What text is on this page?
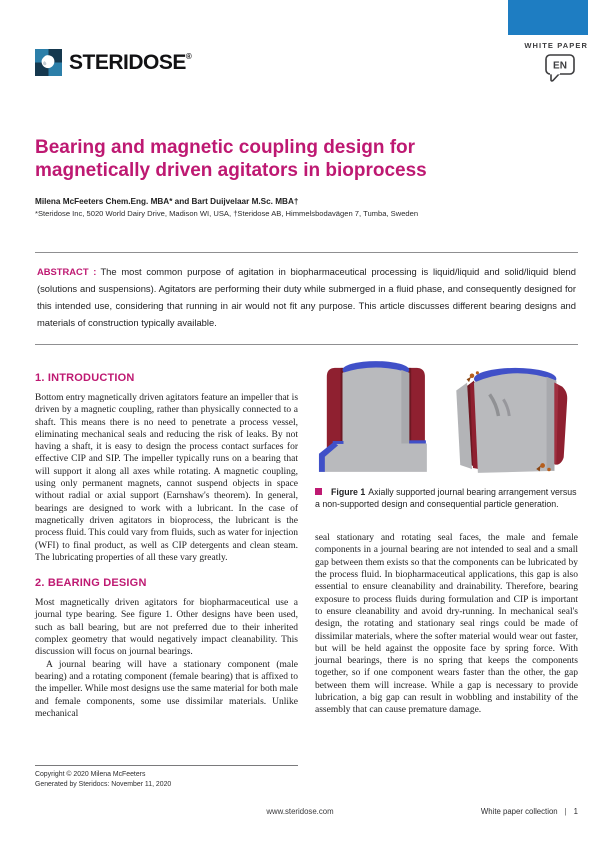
STERIDOSE®
WHITE PAPER
EN
Bearing and magnetic coupling design for magnetically driven agitators in bioprocess
Milena McFeeters Chem.Eng. MBA* and Bart Duijvelaar M.Sc. MBA†
*Steridose Inc, 5020 World Dairy Drive, Madison WI, USA, †Steridose AB, Himmelsbodavägen 7, Tumba, Sweden
ABSTRACT : The most common purpose of agitation in biopharmaceutical processing is liquid/liquid and solid/liquid blend (solutions and suspensions). Agitators are performing their duty while submerged in a fluid phase, and consequently designed for this intended use, considering that running in air would not fit any purpose. This article discusses different bearing designs and materials of construction typically available.
1. INTRODUCTION

Bottom entry magnetically driven agitators feature an impeller that is driven by a magnetic coupling, rather than physically connected to a shaft. This means there is no need to penetrate a process vessel, eliminating mechanical seals and reducing the risk of leaks. By not having a shaft, it is easy to design the process contact surfaces for effective CIP and SIP. The impeller typically runs on a bearing that will support it along all axes while rotating. A magnetic coupling, using only permanent magnets, cannot suspend objects in space without radial or axial support (Earnshaw's theorem). In general, bearings are designed to work with a lubricant. In the case of magnetically driven agitators in bioprocess, the lubricant is the process fluid. This could vary from fluids, such as water for injection (WFI) to final product, as well as CIP detergents and clean steam. The lubricating properties of all these vary greatly.

2. BEARING DESIGN

Most magnetically driven agitators for biopharmaceutical use a journal type bearing. See figure 1. Other designs have been used, such as ball bearing, but are not preferred due to their inherited complex geometry that would negatively impact cleanability. This discussion will focus on journal bearings.

A journal bearing will have a stationary component (male bearing) and a rotating component (female bearing) that is affixed to the impeller. While most designs use the same material for both male and female components, some use dissimilar materials. Unlike mechanical

Figure 1 Axially supported journal bearing arrangement versus a non-supported design and consequential particle generation.

seal stationary and rotating seal faces, the male and female components in a journal bearing are not intended to seal and a small gap between them exists so that the components can be lubricated by the process fluid. In biopharmaceutical applications, this gap is also essential to ensure cleanability and drainability. Therefore, bearing exposure to process fluids during formulation and CIP is important to ensure cleanability and avoid dry-running. In mechanical seal's design, the rotating and stationary seal rings could be made of dissimilar materials, where the softer material would wear out faster, but will be held against the opposite face by spring force. With journal bearings, there is no spring that keeps the components together, so if one component wears faster than the other, the gap between them will increase. While a gap is necessary to provide lubrication, a big gap can result in wobbling and instability of the assembly that can cause premature damage.

Copyright © 2020 Milena McFeeters
Generated by Steridocs: November 11, 2020
www.steridose.com	White paper collection | 1
